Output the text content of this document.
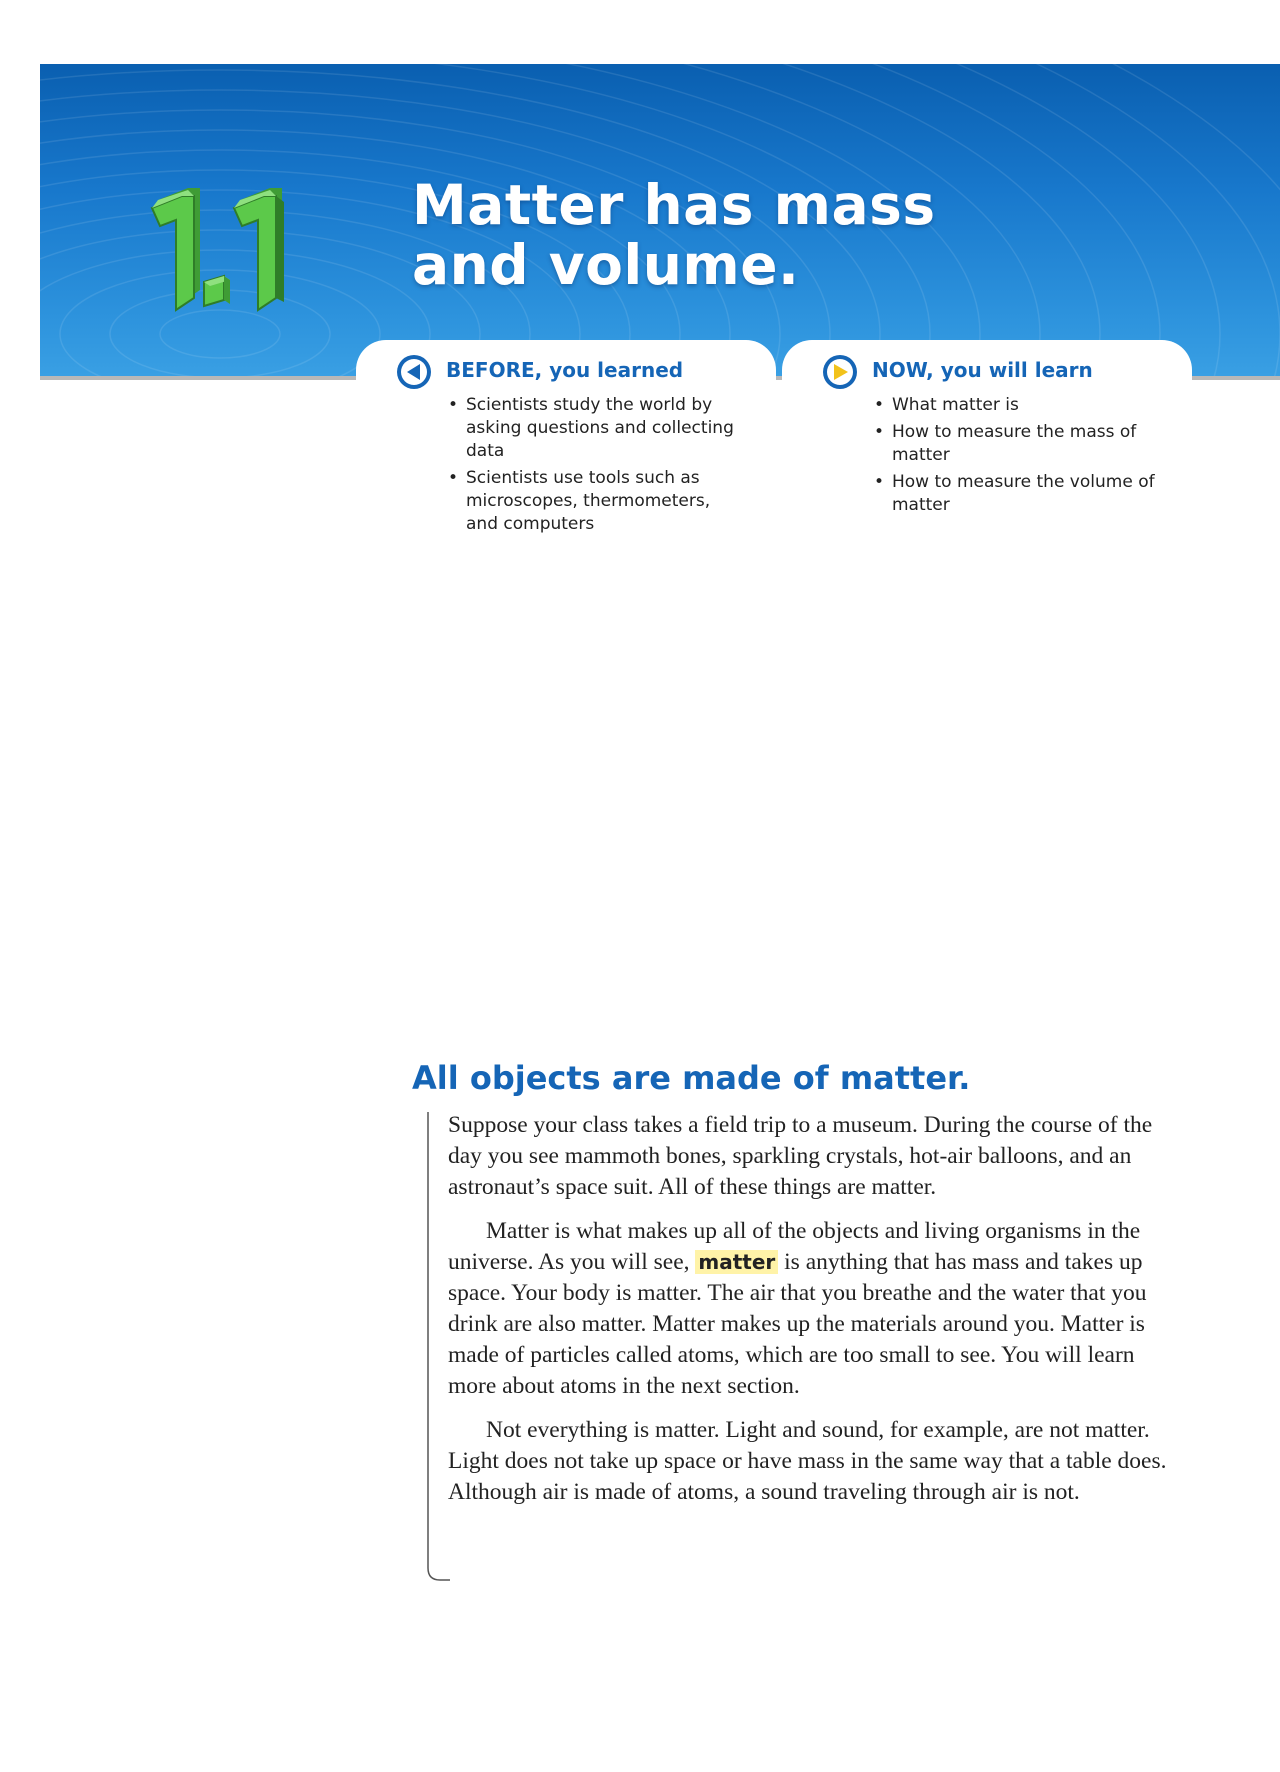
Matter has mass
and volume.
BEFORE, you learned
• Scientists study the world by asking questions and collecting data
• Scientists use tools such as microscopes, thermometers, and computers
NOW, you will learn
• What matter is
• How to measure the mass of matter
• How to measure the volume of matter
All objects are made of matter.

Suppose your class takes a field trip to a museum. During the course of the day you see mammoth bones, sparkling crystals, hot-air balloons, and an astronaut’s space suit. All of these things are matter.

Matter is what makes up all of the objects and living organisms in the universe. As you will see, matter is anything that has mass and takes up space. Your body is matter. The air that you breathe and the water that you drink are also matter. Matter makes up the materials around you. Matter is made of particles called atoms, which are too small to see. You will learn more about atoms in the next section.

Not everything is matter. Light and sound, for example, are not matter. Light does not take up space or have mass in the same way that a table does. Although air is made of atoms, a sound traveling through air is not.
